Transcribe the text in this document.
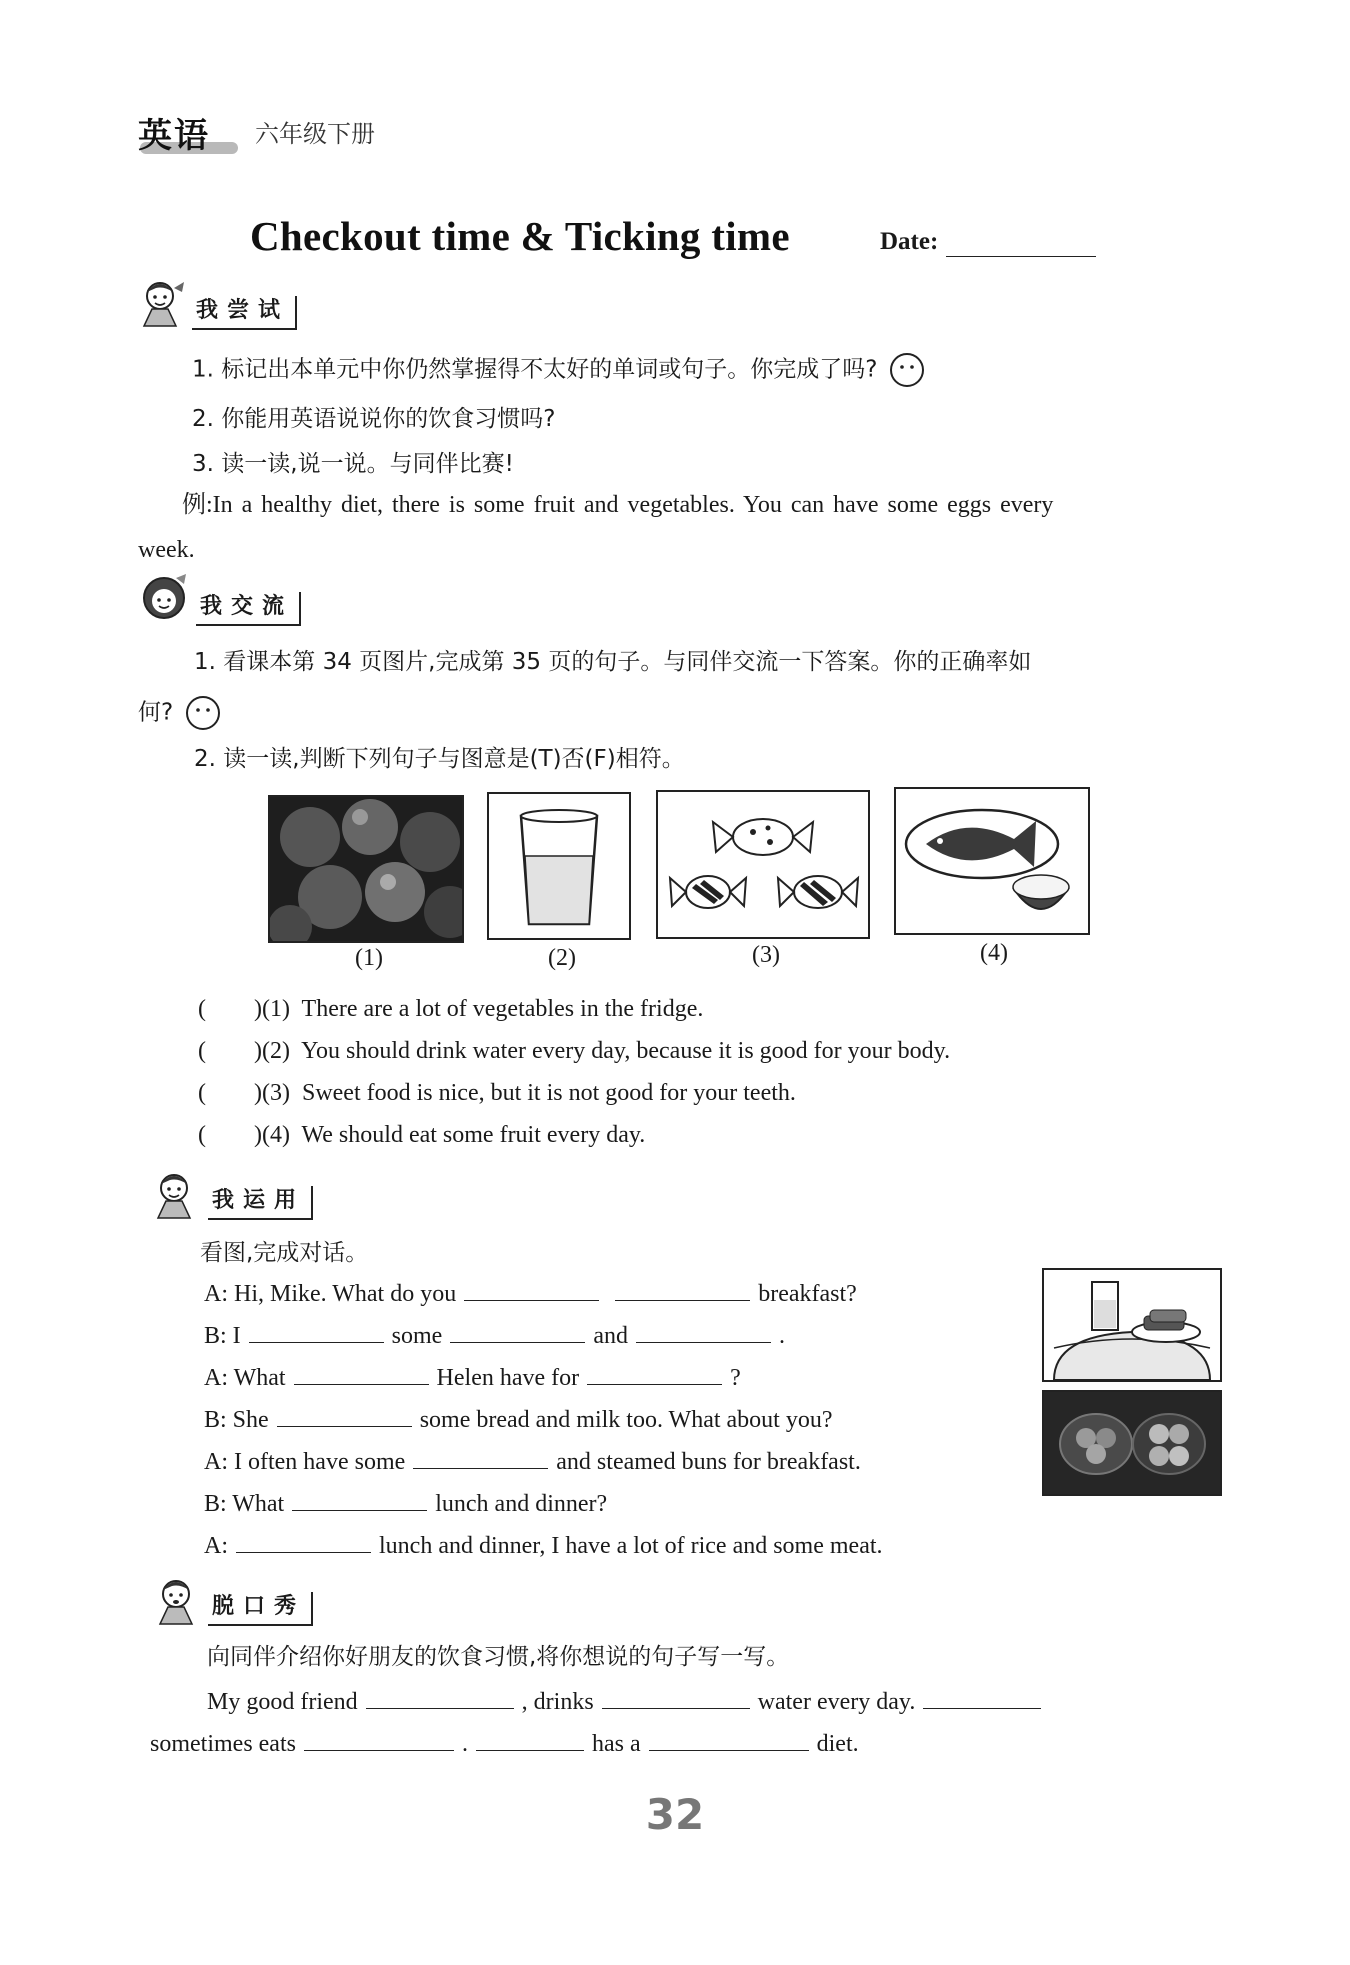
英语	六年级下册
Checkout time & Ticking time	Date:
我尝试
1. 标记出本单元中你仍然掌握得不太好的单词或句子。你完成了吗?
2. 你能用英语说说你的饮食习惯吗?
3. 读一读,说一说。与同伴比赛!
例:In a healthy diet, there is some fruit and vegetables. You can have some eggs every
week.
我交流
1. 看课本第 34 页图片,完成第 35 页的句子。与同伴交流一下答案。你的正确率如
何?
2. 读一读,判断下列句子与图意是(T)否(F)相符。
(1)	(2)	(3)	(4)
(　　)(1) There are a lot of vegetables in the fridge.
(　　)(2) You should drink water every day, because it is good for your body.
(　　)(3) Sweet food is nice, but it is not good for your teeth.
(　　)(4) We should eat some fruit every day.
我运用
看图,完成对话。
A: Hi, Mike. What do you	breakfast?
B: I	some	and	.
A: What	Helen have for	?
B: She	some bread and milk too. What about you?
A: I often have some	and steamed buns for breakfast.
B: What	lunch and dinner?
A:	lunch and dinner, I have a lot of rice and some meat.
脱口秀
向同伴介绍你好朋友的饮食习惯,将你想说的句子写一写。
My good friend	, drinks	water every day.
sometimes eats	.	has a	diet.
32
